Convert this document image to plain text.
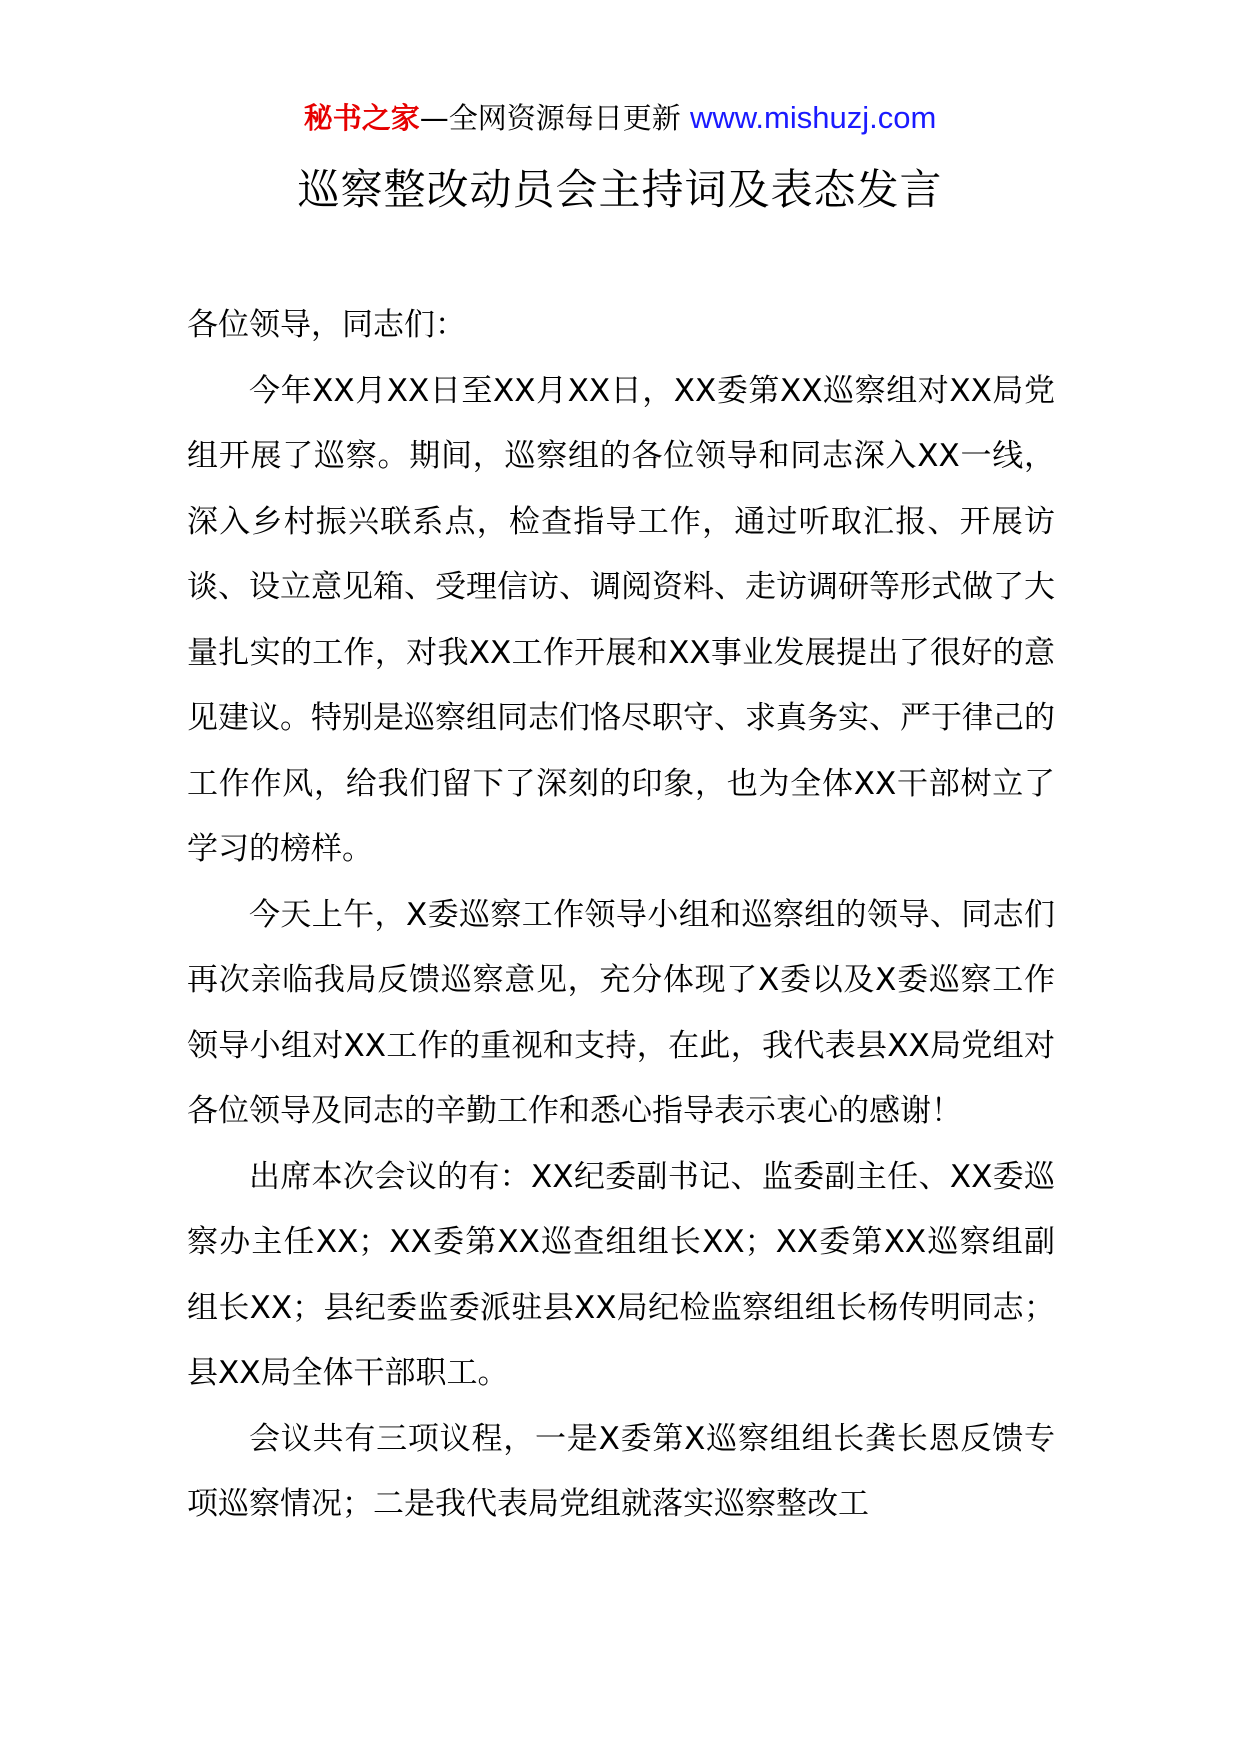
秘书之家—全网资源每日更新 www.mishuzj.com
巡察整改动员会主持词及表态发言

各位领导，同志们：

今年XX月XX日至XX月XX日，XX委第XX巡察组对XX局党组开展了巡察。期间，巡察组的各位领导和同志深入XX一线，深入乡村振兴联系点，检查指导工作，通过听取汇报、开展访谈、设立意见箱、受理信访、调阅资料、走访调研等形式做了大量扎实的工作，对我XX工作开展和XX事业发展提出了很好的意见建议。特别是巡察组同志们恪尽职守、求真务实、严于律己的工作作风，给我们留下了深刻的印象，也为全体XX干部树立了学习的榜样。

今天上午，X委巡察工作领导小组和巡察组的领导、同志们再次亲临我局反馈巡察意见，充分体现了X委以及X委巡察工作领导小组对XX工作的重视和支持，在此，我代表县XX局党组对各位领导及同志的辛勤工作和悉心指导表示衷心的感谢！

出席本次会议的有：XX纪委副书记、监委副主任、XX委巡察办主任XX；XX委第XX巡查组组长XX；XX委第XX巡察组副组长XX；县纪委监委派驻县XX局纪检监察组组长杨传明同志；县XX局全体干部职工。

会议共有三项议程，一是X委第X巡察组组长龚长恩反馈专项巡察情况；二是我代表局党组就落实巡察整改工
